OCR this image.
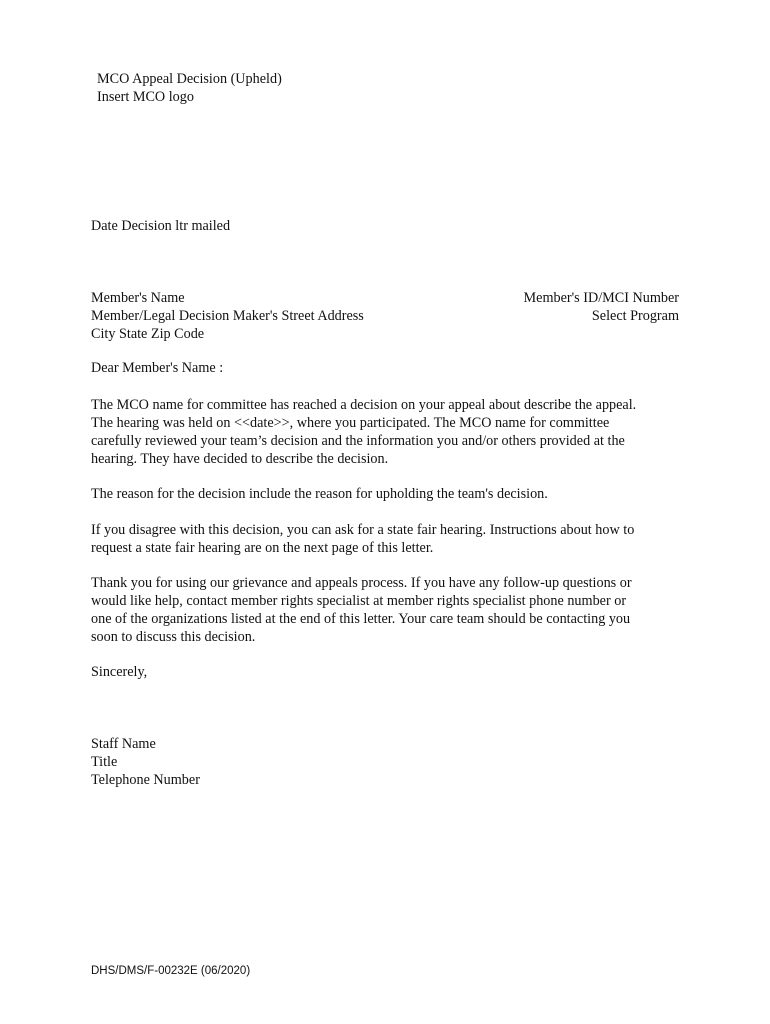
MCO Appeal Decision (Upheld)
Insert MCO logo
Date Decision ltr mailed
Member's Name
Member/Legal Decision Maker's Street Address
City State Zip Code
Member's ID/MCI Number
Select Program
Dear Member's Name :
The MCO name for committee has reached a decision on your appeal about describe the appeal.
The hearing was held on <<date>>, where you participated. The MCO name for committee
carefully reviewed your team’s decision and the information you and/or others provided at the
hearing. They have decided to describe the decision.
The reason for the decision include the reason for upholding the team's decision.
If you disagree with this decision, you can ask for a state fair hearing. Instructions about how to
request a state fair hearing are on the next page of this letter.
Thank you for using our grievance and appeals process. If you have any follow-up questions or
would like help, contact member rights specialist at member rights specialist phone number or
one of the organizations listed at the end of this letter. Your care team should be contacting you
soon to discuss this decision.
Sincerely,
Staff Name
Title
Telephone Number
DHS/DMS/F-00232E (06/2020)
